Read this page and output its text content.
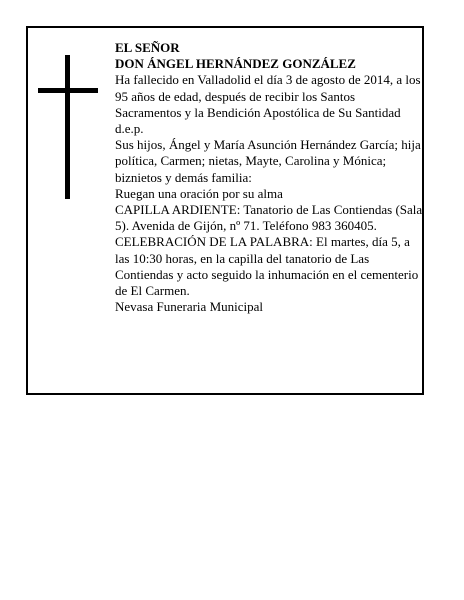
EL SEÑOR

DON ÁNGEL HERNÁNDEZ GONZÁLEZ

Ha fallecido en Valladolid el día 3 de agosto de 2014, a los 95 años de edad, después de recibir los Santos Sacramentos y la Bendición Apostólica de Su Santidad d.e.p.

Sus hijos, Ángel y María Asunción Hernández García; hija política, Carmen; nietas, Mayte, Carolina y Mónica; biznietos y demás familia:

Ruegan una oración por su alma

CAPILLA ARDIENTE: Tanatorio de Las Contiendas (Sala 5). Avenida de Gijón, nº 71. Teléfono 983 360405.

CELEBRACIÓN DE LA PALABRA: El martes, día 5, a las 10:30 horas, en la capilla del tanatorio de Las Contiendas y acto seguido la inhumación en el cementerio de El Carmen.

Nevasa Funeraria Municipal
